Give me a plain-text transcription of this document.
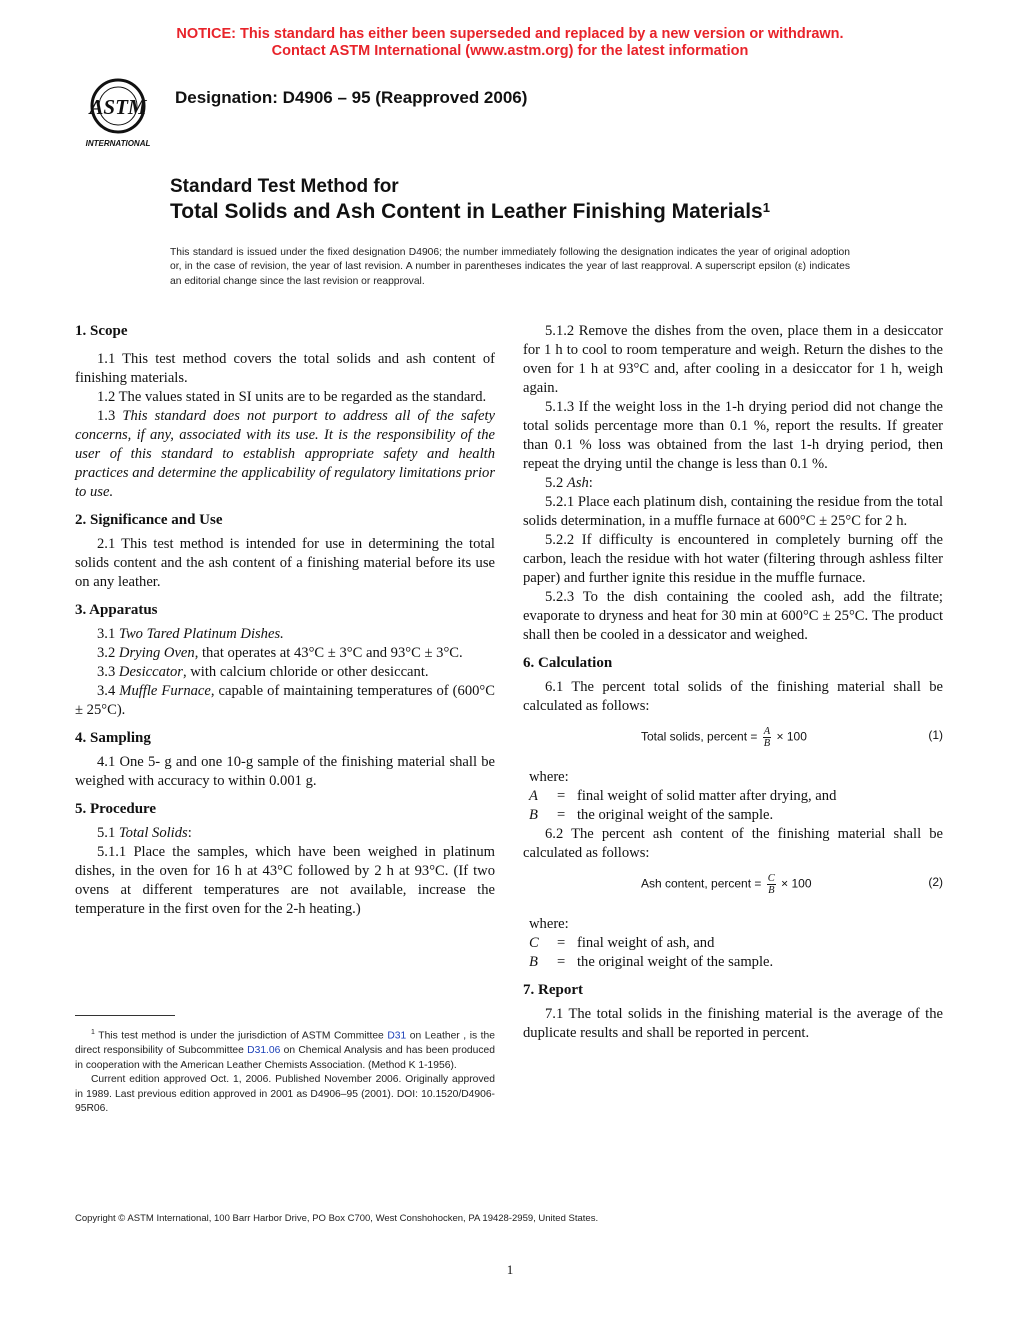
NOTICE: This standard has either been superseded and replaced by a new version or withdrawn.
Contact ASTM International (www.astm.org) for the latest information
ASTM
INTERNATIONAL
Designation: D4906 – 95 (Reapproved 2006)
Standard Test Method for
Total Solids and Ash Content in Leather Finishing Materials$^1$
This standard is issued under the fixed designation D4906; the number immediately following the designation indicates the year of original adoption or, in the case of revision, the year of last revision. A number in parentheses indicates the year of last reapproval. A superscript epsilon (ε) indicates an editorial change since the last revision or reapproval.
1. Scope

1.1 This test method covers the total solids and ash content of finishing materials.

1.2 The values stated in SI units are to be regarded as the standard.

1.3 This standard does not purport to address all of the safety concerns, if any, associated with its use. It is the responsibility of the user of this standard to establish appropriate safety and health practices and determine the applicability of regulatory limitations prior to use.

2. Significance and Use

2.1 This test method is intended for use in determining the total solids content and the ash content of a finishing material before its use on any leather.

3. Apparatus

3.1 Two Tared Platinum Dishes.

3.2 Drying Oven, that operates at 43°C ± 3°C and 93°C ± 3°C.

3.3 Desiccator, with calcium chloride or other desiccant.

3.4 Muffle Furnace, capable of maintaining temperatures of (600°C ± 25°C).

4. Sampling

4.1 One 5- g and one 10-g sample of the finishing material shall be weighed with accuracy to within 0.001 g.

5. Procedure

5.1 Total Solids:

5.1.1 Place the samples, which have been weighed in platinum dishes, in the oven for 16 h at 43°C followed by 2 h at 93°C. (If two ovens at different temperatures are not available, increase the temperature in the first oven for the 2-h heating.)

5.1.2 Remove the dishes from the oven, place them in a desiccator for 1 h to cool to room temperature and weigh. Return the dishes to the oven for 1 h at 93°C and, after cooling in a desiccator for 1 h, weigh again.

5.1.3 If the weight loss in the 1-h drying period did not change the total solids percentage more than 0.1 %, report the results. If greater than 0.1 % loss was obtained from the last 1-h drying period, then repeat the drying until the change is less than 0.1 %.

5.2 Ash:

5.2.1 Place each platinum dish, containing the residue from the total solids determination, in a muffle furnace at 600°C ± 25°C for 2 h.

5.2.2 If difficulty is encountered in completely burning off the carbon, leach the residue with hot water (filtering through ashless filter paper) and further ignite this residue in the muffle furnace.

5.2.3 To the dish containing the cooled ash, add the filtrate; evaporate to dryness and heat for 30 min at 600°C ± 25°C. The product shall then be cooled in a dessicator and weighed.

6. Calculation

6.1 The percent total solids of the finishing material shall be calculated as follows:

Total solids, percent = $\frac{A}{B} \times 100$	(1)
where:
A	= final weight of solid matter after drying, and
B	= the original weight of the sample.

6.2 The percent ash content of the finishing material shall be calculated as follows:

Ash content, percent = $\frac{C}{B} \times 100$	(2)
where:
C	= final weight of ash, and
B	= the original weight of the sample.
7. Report

7.1 The total solids in the finishing material is the average of the duplicate results and shall be reported in percent.

$^1$ This test method is under the jurisdiction of ASTM Committee D31 on Leather , is the direct responsibility of Subcommittee D31.06 on Chemical Analysis and has been produced in cooperation with the American Leather Chemists Association. (Method K 1-1956).

Current edition approved Oct. 1, 2006. Published November 2006. Originally approved in 1989. Last previous edition approved in 2001 as D4906–95 (2001). DOI: 10.1520/D4906-95R06.

Copyright © ASTM International, 100 Barr Harbor Drive, PO Box C700, West Conshohocken, PA 19428-2959, United States.
1
